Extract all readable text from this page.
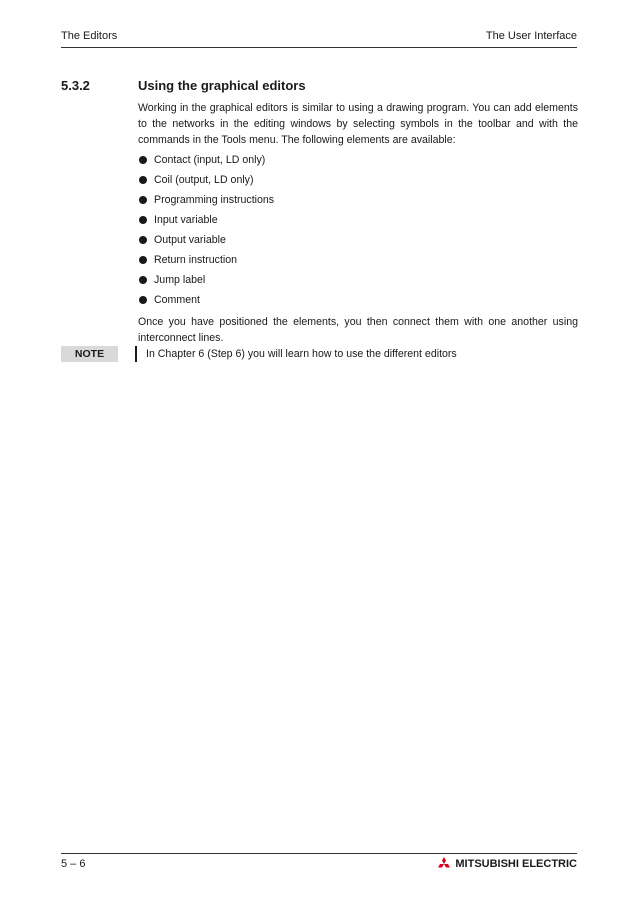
The Editors	The User Interface
5.3.2	Using the graphical editors

Working in the graphical editors is similar to using a drawing program. You can add elements to the networks in the editing windows by selecting symbols in the toolbar and with the commands in the Tools menu. The following elements are available:

Contact (input, LD only)
Coil (output, LD only)
Programming instructions
Input variable
Output variable
Return instruction
Jump label
Comment

Once you have positioned the elements, you then connect them with one another using interconnect lines.

NOTE	In Chapter 6 (Step 6) you will learn how to use the different editors
5 – 6	MITSUBISHI ELECTRIC
